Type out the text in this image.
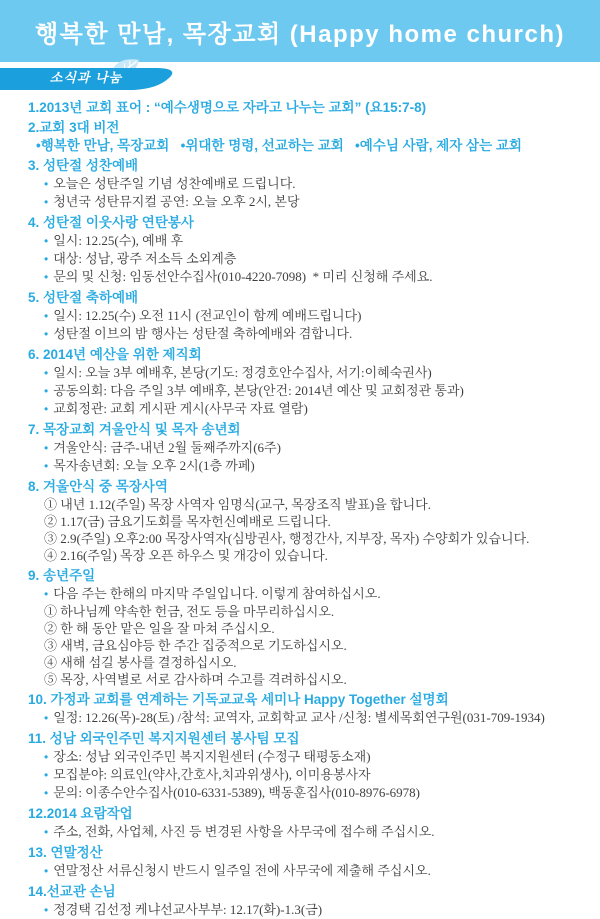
행복한 만남, 목장교회 (Happy home church)
소식과 나눔
1.2013년 교회 표어 : “예수생명으로 자라고 나누는 교회” (요15:7-8)
2.교회 3대 비전

•행복한 만남, 목장교회   •위대한 명령, 선교하는 교회   •예수님 사람, 제자 삼는 교회

3. 성탄절 성찬예배

• 오늘은 성탄주일 기념 성찬예배로 드립니다.

• 청년국 성탄뮤지컬 공연: 오늘 오후 2시, 본당

4. 성탄절 이웃사랑 연탄봉사

• 일시: 12.25(수), 예배 후

• 대상: 성남, 광주 저소득 소외계층

• 문의 및 신청: 임동선안수집사(010-4220-7098)  * 미리 신청해 주세요.

5. 성탄절 축하예배

• 일시: 12.25(수) 오전 11시 (전교인이 함께 예배드립니다)

• 성탄절 이브의 밤 행사는 성탄절 축하예배와 겸합니다.

6. 2014년 예산을 위한 제직회

• 일시: 오늘 3부 예배후, 본당(기도: 정경호안수집사, 서기:이혜숙권사)

• 공동의회: 다음 주일 3부 예배후, 본당(안건: 2014년 예산 및 교회정관 통과)

• 교회정관: 교회 게시판 게시(사무국 자료 열람)

7. 목장교회 겨울안식 및 목자 송년회

• 겨울안식: 금주-내년 2월 둘째주까지(6주)

• 목자송년회: 오늘 오후 2시(1층 까페)

8. 겨울안식 중 목장사역

① 내년 1.12(주일) 목장 사역자 임명식(교구, 목장조직 발표)을 합니다.

② 1.17(금) 금요기도회를 목자헌신예배로 드립니다.

③ 2.9(주일) 오후2:00 목장사역자(심방권사, 행정간사, 지부장, 목자) 수양회가 있습니다.

④ 2.16(주일) 목장 오픈 하우스 및 개강이 있습니다.

9. 송년주일

• 다음 주는 한해의 마지막 주일입니다. 이렇게 참여하십시오.

① 하나님께 약속한 헌금, 전도 등을 마무리하십시오.

② 한 해 동안 맡은 일을 잘 마쳐 주십시오.

③ 새벽, 금요심야등 한 주간 집중적으로 기도하십시오.

④ 새해 섬길 봉사를 결정하십시오.

⑤ 목장, 사역별로 서로 감사하며 수고를 격려하십시오.

10. 가정과 교회를 연계하는 기독교교육 세미나 Happy Together 설명회

• 일정: 12.26(목)-28(토) /참석: 교역자, 교회학교 교사 /신청: 별세목회연구원(031-709-1934)

11. 성남 외국인주민 복지지원센터 봉사팀 모집

• 장소: 성남 외국인주민 복지지원센터 (수정구 태평동소재)

• 모집분야: 의료인(약사,간호사,치과위생사), 이미용봉사자

• 문의: 이종수안수집사(010-6331-5389), 백동훈집사(010-8976-6978)

12.2014 요람작업

• 주소, 전화, 사업체, 사진 등 변경된 사항을 사무국에 접수해 주십시오.

13. 연말정산

• 연말정산 서류신청시 반드시 일주일 전에 사무국에 제출해 주십시오.

14.선교관 손님

• 정경택 김선정 케냐선교사부부: 12.17(화)-1.3(금)
